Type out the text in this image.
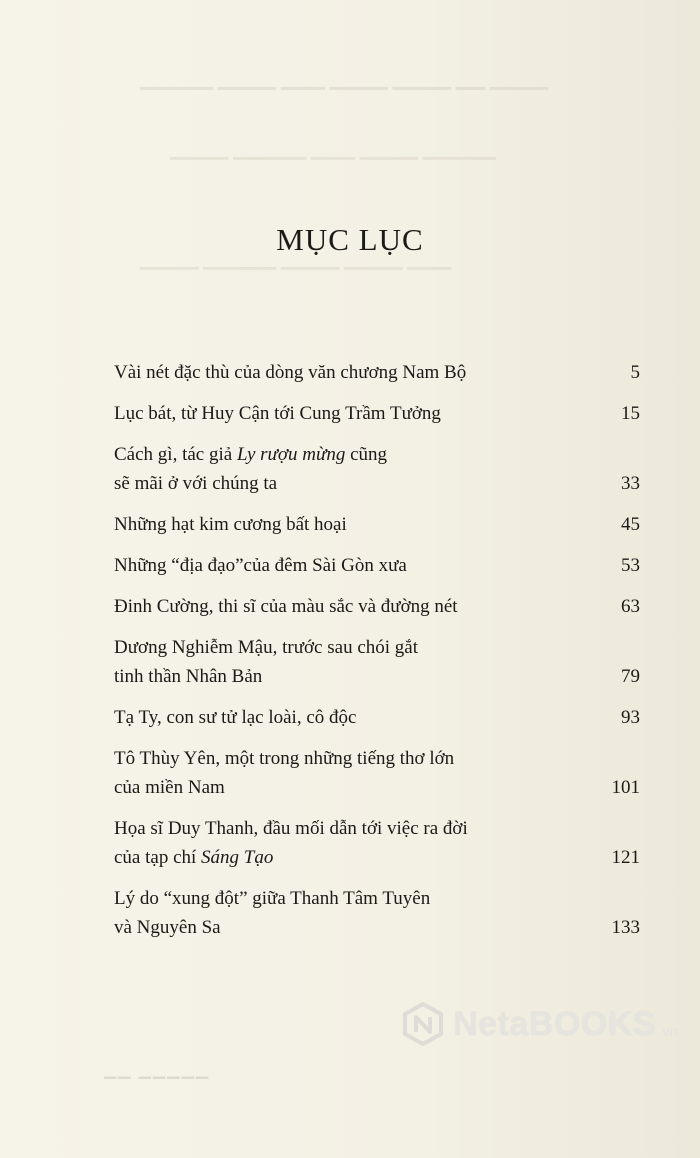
▁▁▁▁ ▁▁ ▁▁▁▁ ▁▁▁▁ ▁▁▁ ▁▁▁▁ ▁▁▁▁▁
▁▁▁▁▁ ▁▁▁▁ ▁▁▁ ▁▁▁▁▁ ▁▁▁▁
▁▁▁ ▁▁▁▁ ▁▁▁▁ ▁▁▁▁▁ ▁▁▁▁
MỤC LỤC
Vài nét đặc thù của dòng văn chương Nam Bộ	5
Lục bát, từ Huy Cận tới Cung Trầm Tưởng	15
Cách gì, tác giả Ly rượu mừng cũng
sẽ mãi ở với chúng ta	33
Những hạt kim cương bất hoại	45
Những “địa đạo”của đêm Sài Gòn xưa	53
Đinh Cường, thi sĩ của màu sắc và đường nét	63
Dương Nghiễm Mậu, trước sau chói gắt
tinh thần Nhân Bản	79
Tạ Ty, con sư tử lạc loài, cô độc	93
Tô Thùy Yên, một trong những tiếng thơ lớn
của miền Nam	101
Họa sĩ Duy Thanh, đầu mối dẫn tới việc ra đời
của tạp chí Sáng Tạo	121
Lý do “xung đột” giữa Thanh Tâm Tuyên
và Nguyên Sa	133
▁▁ ▁▁▁▁▁
NetaBOOKS .vn
